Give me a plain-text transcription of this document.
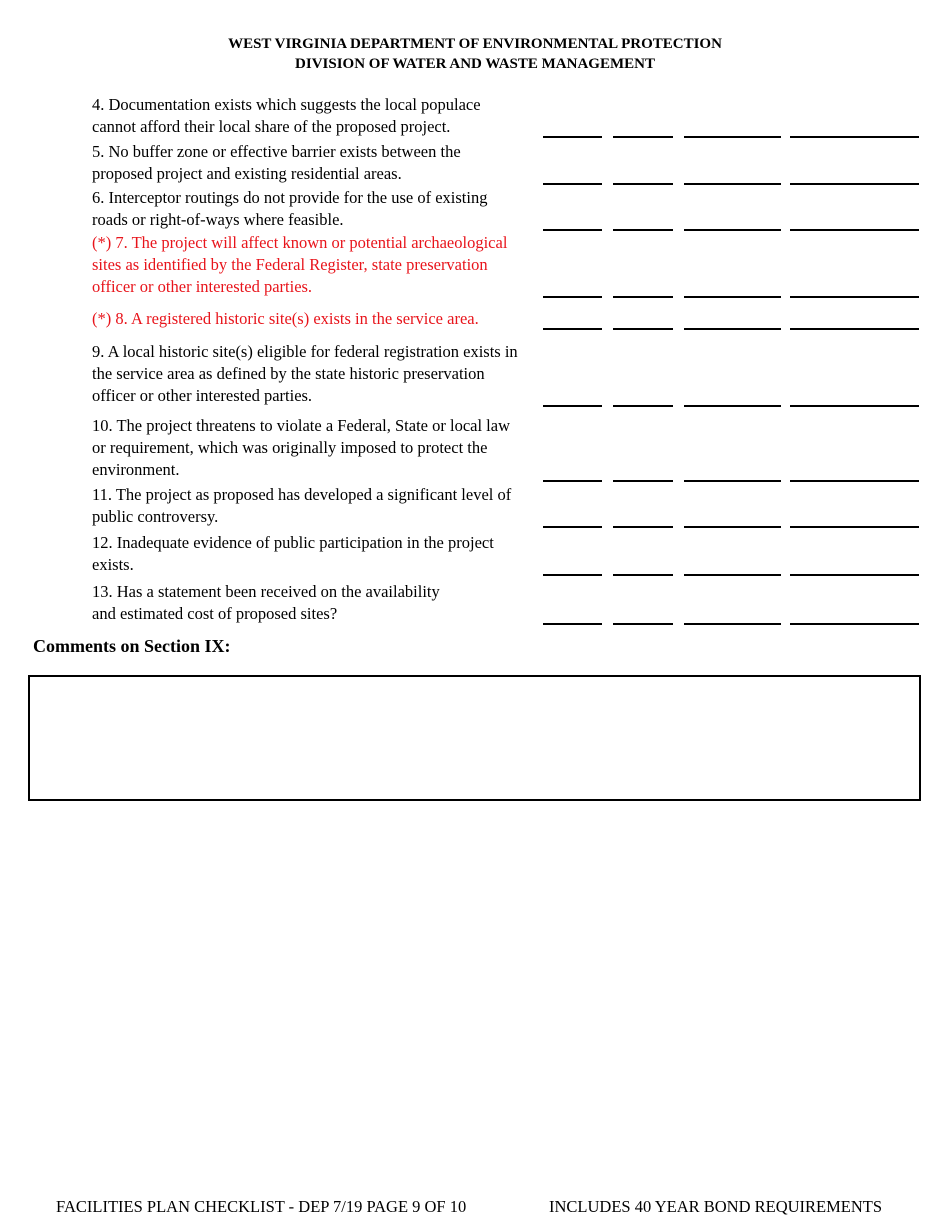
WEST VIRGINIA DEPARTMENT OF ENVIRONMENTAL PROTECTION
DIVISION OF WATER AND WASTE MANAGEMENT
4. Documentation exists which suggests the local populace
cannot afford their local share of the proposed project.
5. No buffer zone or effective barrier exists between the
proposed project and existing residential areas.
6. Interceptor routings do not provide for the use of existing
roads or right-of-ways where feasible.
(*) 7. The project will affect known or potential archaeological
sites as identified by the Federal Register, state preservation
officer or other interested parties.
(*) 8. A registered historic site(s) exists in the service area.
9. A local historic site(s) eligible for federal registration exists in
the service area as defined by the state historic preservation
officer or other interested parties.
10. The project threatens to violate a Federal, State or local law
or requirement, which was originally imposed to protect the
environment.
11. The project as proposed has developed a significant level of
public controversy.
12. Inadequate evidence of public participation in the project
exists.
13. Has a statement been received on the availability
and estimated cost of proposed sites?
Comments on Section IX:
FACILITIES PLAN CHECKLIST - DEP 7/19 PAGE 9 OF 10	INCLUDES 40 YEAR BOND REQUIREMENTS
